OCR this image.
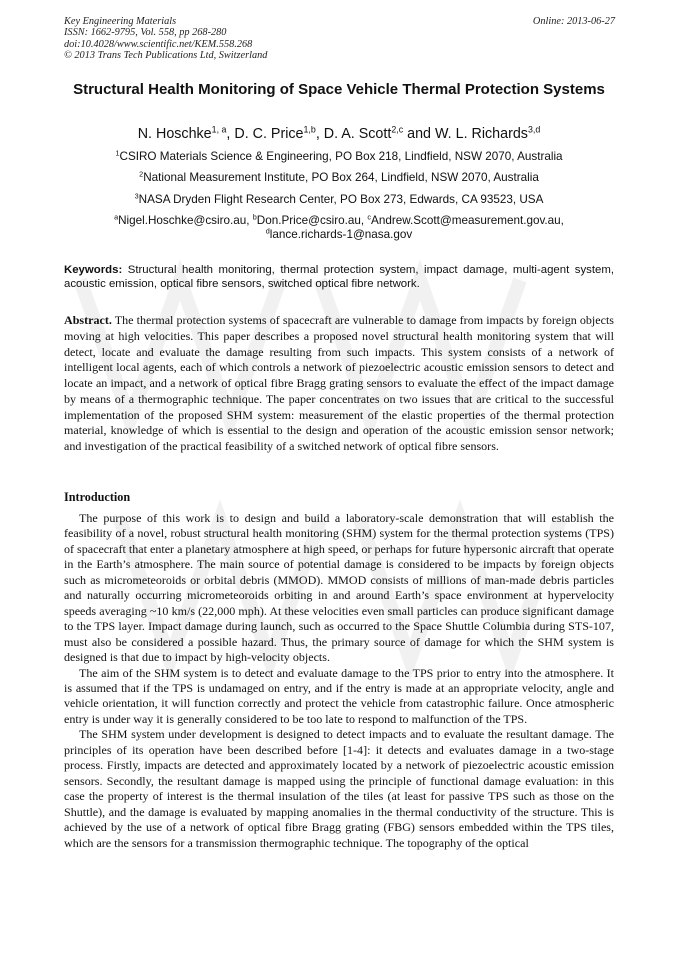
Key Engineering Materials
ISSN: 1662-9795, Vol. 558, pp 268-280
doi:10.4028/www.scientific.net/KEM.558.268
© 2013 Trans Tech Publications Ltd, Switzerland
Online: 2013-06-27
Structural Health Monitoring of Space Vehicle Thermal Protection Systems
N. Hoschke$^{1, a}$, D. C. Price$^{1,b}$, D. A. Scott$^{2,c}$ and W. L. Richards$^{3,d}$
$^1$CSIRO Materials Science & Engineering, PO Box 218, Lindfield, NSW 2070, Australia
$^2$National Measurement Institute, PO Box 264, Lindfield, NSW 2070, Australia
$^3$NASA Dryden Flight Research Center, PO Box 273, Edwards, CA 93523, USA
$^a$Nigel.Hoschke@csiro.au, $^b$Don.Price@csiro.au, $^c$Andrew.Scott@measurement.gov.au,
$^d$lance.richards-1@nasa.gov
Keywords: Structural health monitoring, thermal protection system, impact damage, multi-agent system, acoustic emission, optical fibre sensors, switched optical fibre network.
Abstract. The thermal protection systems of spacecraft are vulnerable to damage from impacts by foreign objects moving at high velocities. This paper describes a proposed novel structural health monitoring system that will detect, locate and evaluate the damage resulting from such impacts. This system consists of a network of intelligent local agents, each of which controls a network of piezoelectric acoustic emission sensors to detect and locate an impact, and a network of optical fibre Bragg grating sensors to evaluate the effect of the impact damage by means of a thermographic technique. The paper concentrates on two issues that are critical to the successful implementation of the proposed SHM system: measurement of the elastic properties of the thermal protection material, knowledge of which is essential to the design and operation of the acoustic emission sensor network; and investigation of the practical feasibility of a switched network of optical fibre sensors.
Introduction

The purpose of this work is to design and build a laboratory-scale demonstration that will establish the feasibility of a novel, robust structural health monitoring (SHM) system for the thermal protection systems (TPS) of spacecraft that enter a planetary atmosphere at high speed, or perhaps for future hypersonic aircraft that operate in the Earth’s atmosphere. The main source of potential damage is considered to be impacts by foreign objects such as micrometeoroids or orbital debris (MMOD). MMOD consists of millions of man-made debris particles and naturally occurring micrometeoroids orbiting in and around Earth’s space environment at hypervelocity speeds averaging ~10 km/s (22,000 mph). At these velocities even small particles can produce significant damage to the TPS layer. Impact damage during launch, such as occurred to the Space Shuttle Columbia during STS-107, must also be considered a possible hazard. Thus, the primary source of damage for which the SHM system is designed is that due to impact by high-velocity objects.

The aim of the SHM system is to detect and evaluate damage to the TPS prior to entry into the atmosphere. It is assumed that if the TPS is undamaged on entry, and if the entry is made at an appropriate velocity, angle and vehicle orientation, it will function correctly and protect the vehicle from catastrophic failure. Once atmospheric entry is under way it is generally considered to be too late to respond to malfunction of the TPS.

The SHM system under development is designed to detect impacts and to evaluate the resultant damage. The principles of its operation have been described before [1-4]: it detects and evaluates damage in a two-stage process. Firstly, impacts are detected and approximately located by a network of piezoelectric acoustic emission sensors. Secondly, the resultant damage is mapped using the principle of functional damage evaluation: in this case the property of interest is the thermal insulation of the tiles (at least for passive TPS such as those on the Shuttle), and the damage is evaluated by mapping anomalies in the thermal conductivity of the structure. This is achieved by the use of a network of optical fibre Bragg grating (FBG) sensors embedded within the TPS tiles, which are the sensors for a transmission thermographic technique. The topography of the optical
